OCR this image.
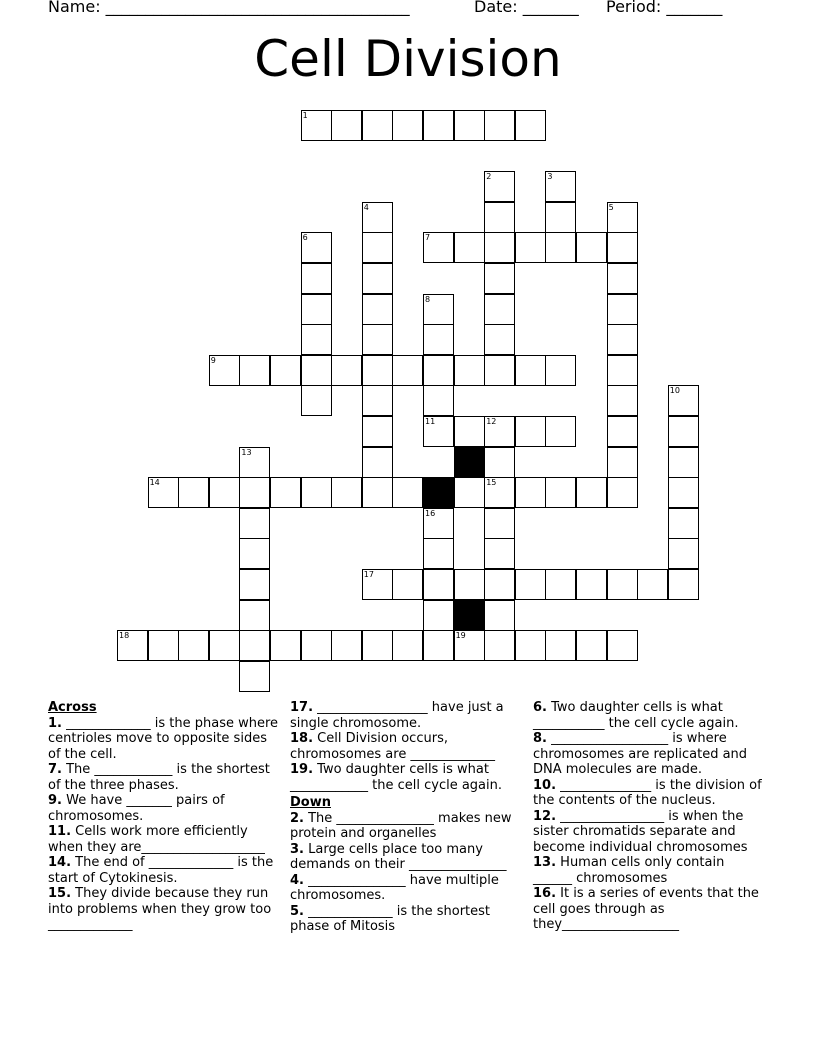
Name: ______________________________________	Date: _______ Period: _______
Cell Division
1
7
9
11	12
14	15
17
18	19
2	3
4	5
6
8
10
13
16
Across
1. _____________ is the phase where centrioles move to opposite sides of the cell.
7. The ____________ is the shortest of the three phases.
9. We have _______ pairs of chromosomes.
11. Cells work more efficiently when they are___________________
14. The end of _____________ is the start of Cytokinesis.
15. They divide because they run into problems when they grow too _____________
17. _________________ have just a single chromosome.
18. Cell Division occurs, chromosomes are _____________
19. Two daughter cells is what ____________ the cell cycle again.
Down
2. The _______________ makes new protein and organelles
3. Large cells place too many demands on their _______________
4. _______________ have multiple chromosomes.
5. _____________ is the shortest phase of Mitosis
6. Two daughter cells is what ___________ the cell cycle again.
8. __________________ is where chromosomes are replicated and DNA molecules are made.
10. ______________ is the division of the contents of the nucleus.
12. ________________ is when the sister chromatids separate and become individual chromosomes
13. Human cells only contain ______ chromosomes
16. It is a series of events that the cell goes through as they__________________
